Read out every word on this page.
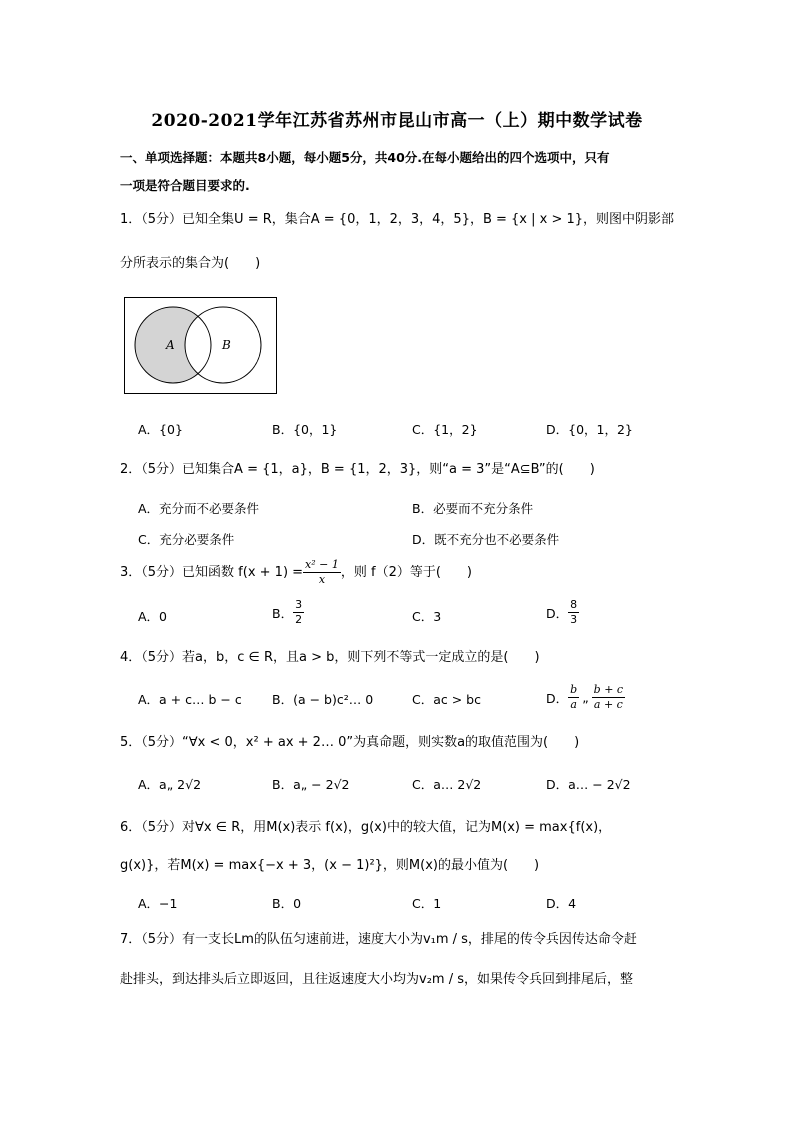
2020-2021学年江苏省苏州市昆山市高一（上）期中数学试卷
一、单项选择题：本题共8小题，每小题5分，共40分.在每小题给出的四个选项中，只有
一项是符合题目要求的.
1．（5分）已知全集U = R，集合A = {0，1，2，3，4，5}，B = {x | x > 1}，则图中阴影部
分所表示的集合为(　　)
A	B
A．{0}	B．{0，1}	C．{1，2}	D．{0，1，2}
2．（5分）已知集合A = {1，a}，B = {1，2，3}，则“a = 3”是“A⊆B”的(　　)
A．充分而不必要条件	B．必要而不充分条件
C．充分必要条件	D．既不充分也不必要条件
3．（5分）已知函数 $f(x + 1) = \frac{\text{x² − 1}}{x}$ ，则 f（2）等于(　　)
A．0	B． $\frac{3}{2}$	C．3	D． $\frac{8}{3}$
4．（5分）若a，b，c ∈ R，且a > b，则下列不等式一定成立的是(　　)
A．a + c… b − c B．(a − b)c²… 0	C．ac > bc	D． $\frac{b}{a}$ „ $\frac{b + c}{a + c}$
5．（5分）“∀x < 0，x² + ax + 2… 0”为真命题，则实数a的取值范围为(　　)
A．a„ 2√2	B．a„ − 2√2	C．a… 2√2	D．a… − 2√2
6．（5分）对∀x ∈ R，用M(x)表示 f(x)，g(x)中的较大值，记为M(x) = max{f(x)，
g(x)}，若M(x) = max{−x + 3，(x − 1)²}，则M(x)的最小值为(　　)
A．−1	B．0	C．1	D．4
7．（5分）有一支长Lm的队伍匀速前进，速度大小为v₁m / s，排尾的传令兵因传达命令赶
赴排头，到达排头后立即返回，且往返速度大小均为v₂m / s，如果传令兵回到排尾后，整
